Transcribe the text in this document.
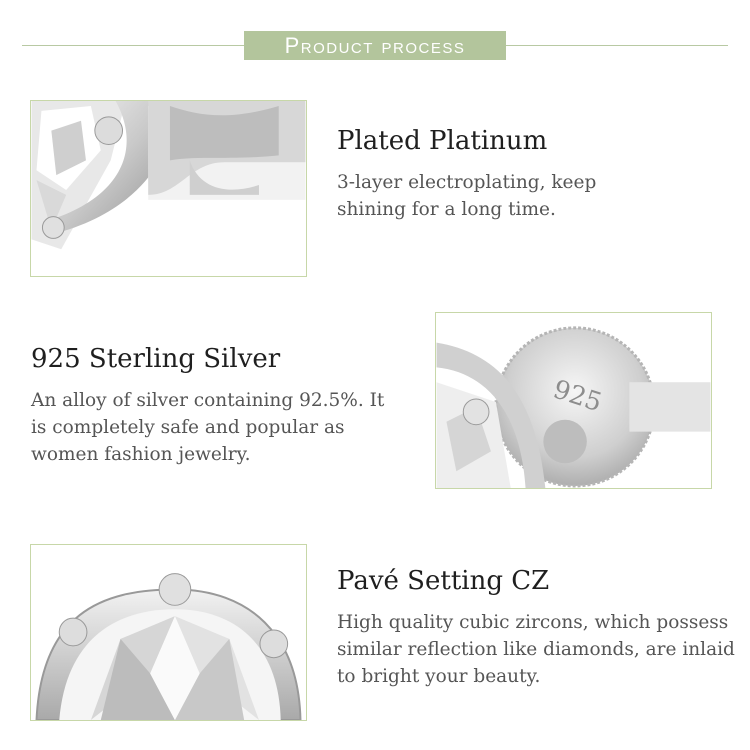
Product process
Plated Platinum

3-layer electroplating, keep shining for a long time.

925 Sterling Silver

An alloy of silver containing 92.5%. It is completely safe and popular as women fashion jewelry.

925
Pavé Setting CZ

High quality cubic zircons, which possess similar reflection like diamonds, are inlaid to bright your beauty.
